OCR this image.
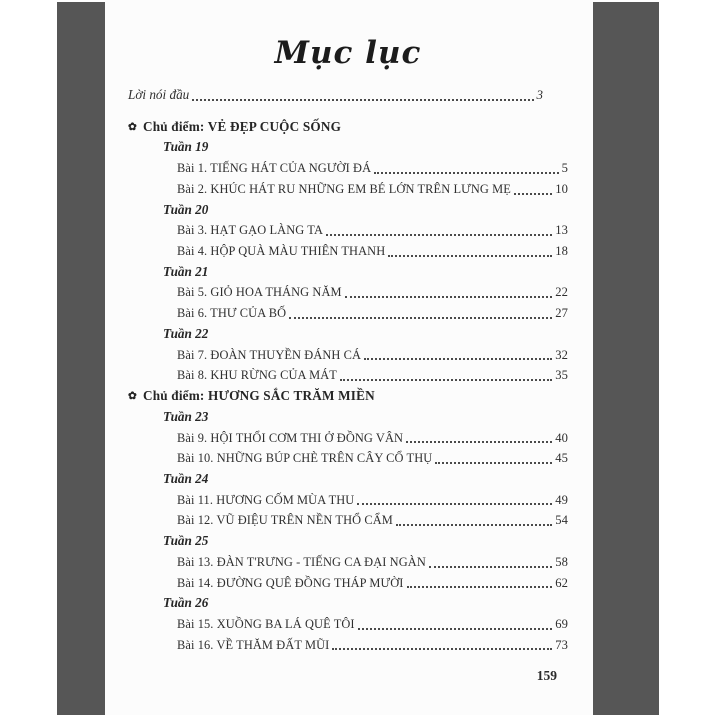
Mục lục
Lời nói đầu	3
✿ Chủ điểm: VẺ ĐẸP CUỘC SỐNG
Tuần 19
Bài 1. TIẾNG HÁT CỦA NGƯỜI ĐÁ	5
Bài 2. KHÚC HÁT RU NHỮNG EM BÉ LỚN TRÊN LƯNG MẸ	10
Tuần 20
Bài 3. HẠT GẠO LÀNG TA	13
Bài 4. HỘP QUÀ MÀU THIÊN THANH	18
Tuần 21
Bài 5. GIỎ HOA THÁNG NĂM	22
Bài 6. THƯ CỦA BỐ	27
Tuần 22
Bài 7. ĐOÀN THUYỀN ĐÁNH CÁ	32
Bài 8. KHU RỪNG CỦA MÁT	35
✿ Chủ điểm: HƯƠNG SẮC TRĂM MIỀN
Tuần 23
Bài 9. HỘI THỔI CƠM THI Ở ĐỒNG VÂN	40
Bài 10. NHỮNG BÚP CHÈ TRÊN CÂY CỔ THỤ	45
Tuần 24
Bài 11. HƯƠNG CỐM MÙA THU	49
Bài 12. VŨ ĐIỆU TRÊN NỀN THỔ CẨM	54
Tuần 25
Bài 13. ĐÀN T'RƯNG - TIẾNG CA ĐẠI NGÀN	58
Bài 14. ĐƯỜNG QUÊ ĐỒNG THÁP MƯỜI	62
Tuần 26
Bài 15. XUỒNG BA LÁ QUÊ TÔI	69
Bài 16. VỀ THĂM ĐẤT MŨI	73
159
